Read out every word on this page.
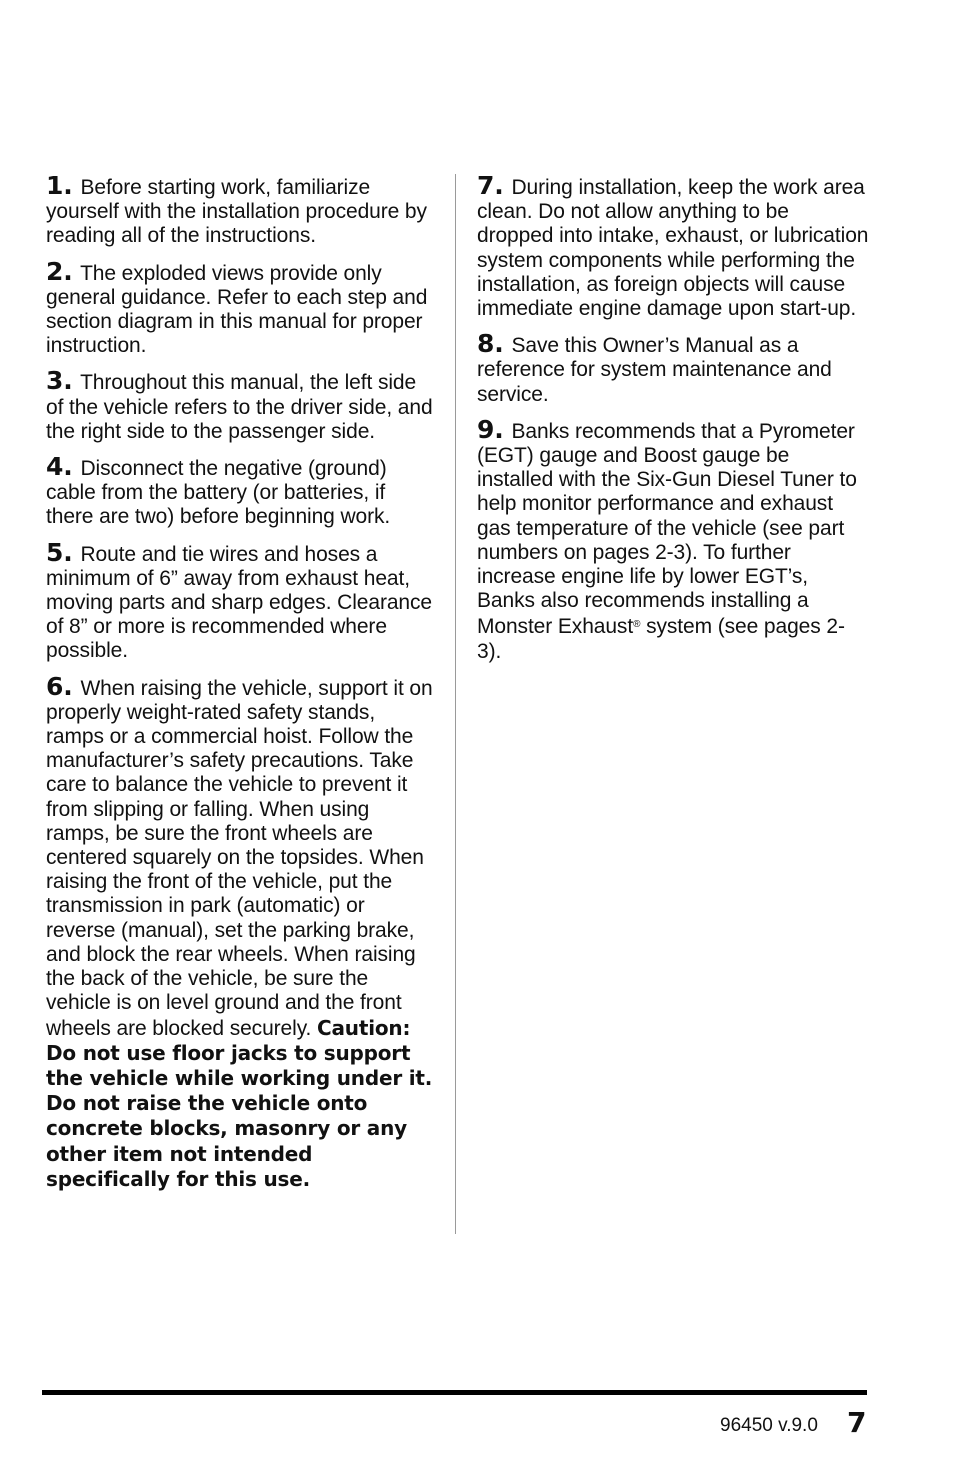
1. Before starting work, familiarize yourself with the installation procedure by reading all of the instructions.

2. The exploded views provide only general guidance. Refer to each step and section diagram in this manual for proper instruction.

3. Throughout this manual, the left side of the vehicle refers to the driver side, and the right side to the passenger side.

4. Disconnect the negative (ground) cable from the battery (or batteries, if there are two) before beginning work.

5. Route and tie wires and hoses a minimum of 6” away from exhaust heat, moving parts and sharp edges. Clearance of 8” or more is recommended where possible.

6. When raising the vehicle, support it on properly weight-rated safety stands, ramps or a commercial hoist. Follow the manufacturer’s safety precautions. Take care to balance the vehicle to prevent it from slipping or falling. When using ramps, be sure the front wheels are centered squarely on the topsides. When raising the front of the vehicle, put the transmission in park (automatic) or reverse (manual), set the parking brake, and block the rear wheels. When raising the back of the vehicle, be sure the vehicle is on level ground and the front wheels are blocked securely. Caution: Do not use floor jacks to support the vehicle while working under it. Do not raise the vehicle onto concrete blocks, masonry or any other item not intended specifically for this use.

7. During installation, keep the work area clean. Do not allow anything to be dropped into intake, exhaust, or lubrication system components while performing the installation, as foreign objects will cause immediate engine damage upon start-up.

8. Save this Owner’s Manual as a reference for system maintenance and service.

9. Banks recommends that a Pyrometer (EGT) gauge and Boost gauge be installed with the Six-Gun Diesel Tuner to help monitor performance and exhaust gas temperature of the vehicle (see part numbers on pages 2-3). To further increase engine life by lower EGT’s, Banks also recommends installing a Monster Exhaust® system (see pages 2-3).

96450 v.9.0 7
